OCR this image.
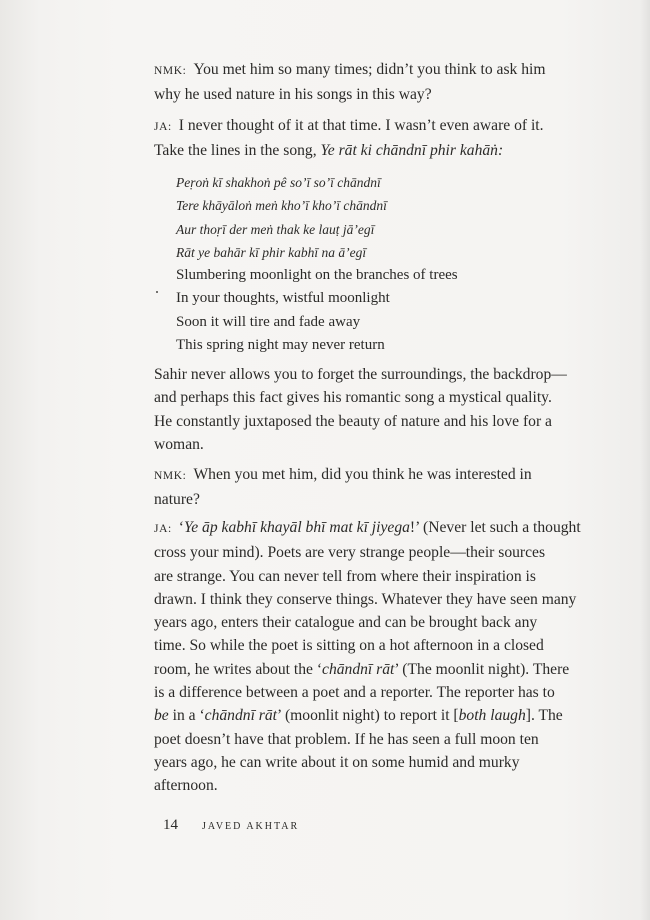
NMK: You met him so many times; didn’t you think to ask him
why he used nature in his songs in this way?
JA: I never thought of it at that time. I wasn’t even aware of it.
Take the lines in the song, Ye rāt ki chāndnī phir kahāṅ:
Peṛoṅ kī shakhoṅ pê so’ī so’ī chāndnī
Tere khāyāloṅ meṅ kho’ī kho’ī chāndnī
Aur thoṛī der meṅ thak ke lauṭ jā’egī
Rāt ye bahār kī phir kabhī na ā’egī
Slumbering moonlight on the branches of trees
In your thoughts, wistful moonlight
Soon it will tire and fade away
This spring night may never return
Sahir never allows you to forget the surroundings, the backdrop—
and perhaps this fact gives his romantic song a mystical quality.
He constantly juxtaposed the beauty of nature and his love for a
woman.
NMK: When you met him, did you think he was interested in
nature?
JA: ‘Ye āp kabhī khayāl bhī mat kī jiyega!’ (Never let such a thought
cross your mind). Poets are very strange people—their sources
are strange. You can never tell from where their inspiration is
drawn. I think they conserve things. Whatever they have seen many
years ago, enters their catalogue and can be brought back any
time. So while the poet is sitting on a hot afternoon in a closed
room, he writes about the ‘chāndnī rāt’ (The moonlit night). There
is a difference between a poet and a reporter. The reporter has to
be in a ‘chāndnī rāt’ (moonlit night) to report it [both laugh]. The
poet doesn’t have that problem. If he has seen a full moon ten
years ago, he can write about it on some humid and murky
afternoon.
14 JAVED AKHTAR
